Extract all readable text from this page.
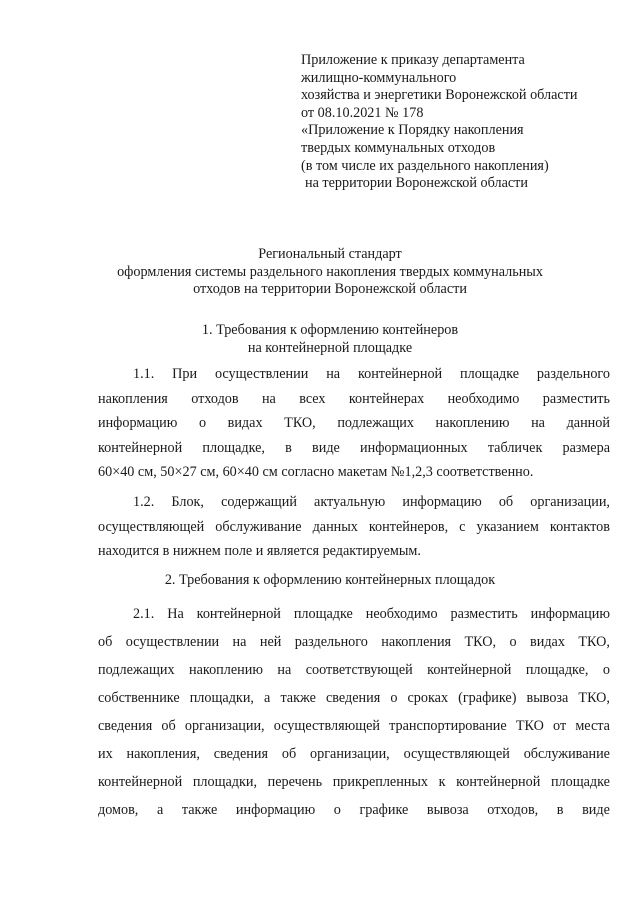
Приложение к приказу департамента
жилищно-коммунального
хозяйства и энергетики Воронежской области
от 08.10.2021 № 178
«Приложение к Порядку накопления
твердых коммунальных отходов
(в том числе их раздельного накопления)
на территории Воронежской области
Региональный стандарт
оформления системы раздельного накопления твердых коммунальных
отходов на территории Воронежской области
1. Требования к оформлению контейнеров
на контейнерной площадке
1.1. При осуществлении на контейнерной площадке раздельного
накопления отходов на всех контейнерах необходимо разместить
информацию о видах ТКО, подлежащих накоплению на данной
контейнерной площадке, в виде информационных табличек размера
60×40 см, 50×27 см, 60×40 см согласно макетам №1,2,3 соответственно.
1.2. Блок, содержащий актуальную информацию об организации,
осуществляющей обслуживание данных контейнеров, с указанием контактов
находится в нижнем поле и является редактируемым.
2. Требования к оформлению контейнерных площадок
2.1. На контейнерной площадке необходимо разместить информацию
об осуществлении на ней раздельного накопления ТКО, о видах ТКО,
подлежащих накоплению на соответствующей контейнерной площадке, о
собственнике площадки, а также сведения о сроках (графике) вывоза ТКО,
сведения об организации, осуществляющей транспортирование ТКО от места
их накопления, сведения об организации, осуществляющей обслуживание
контейнерной площадки, перечень прикрепленных к контейнерной площадке
домов, а также информацию о графике вывоза отходов, в виде
